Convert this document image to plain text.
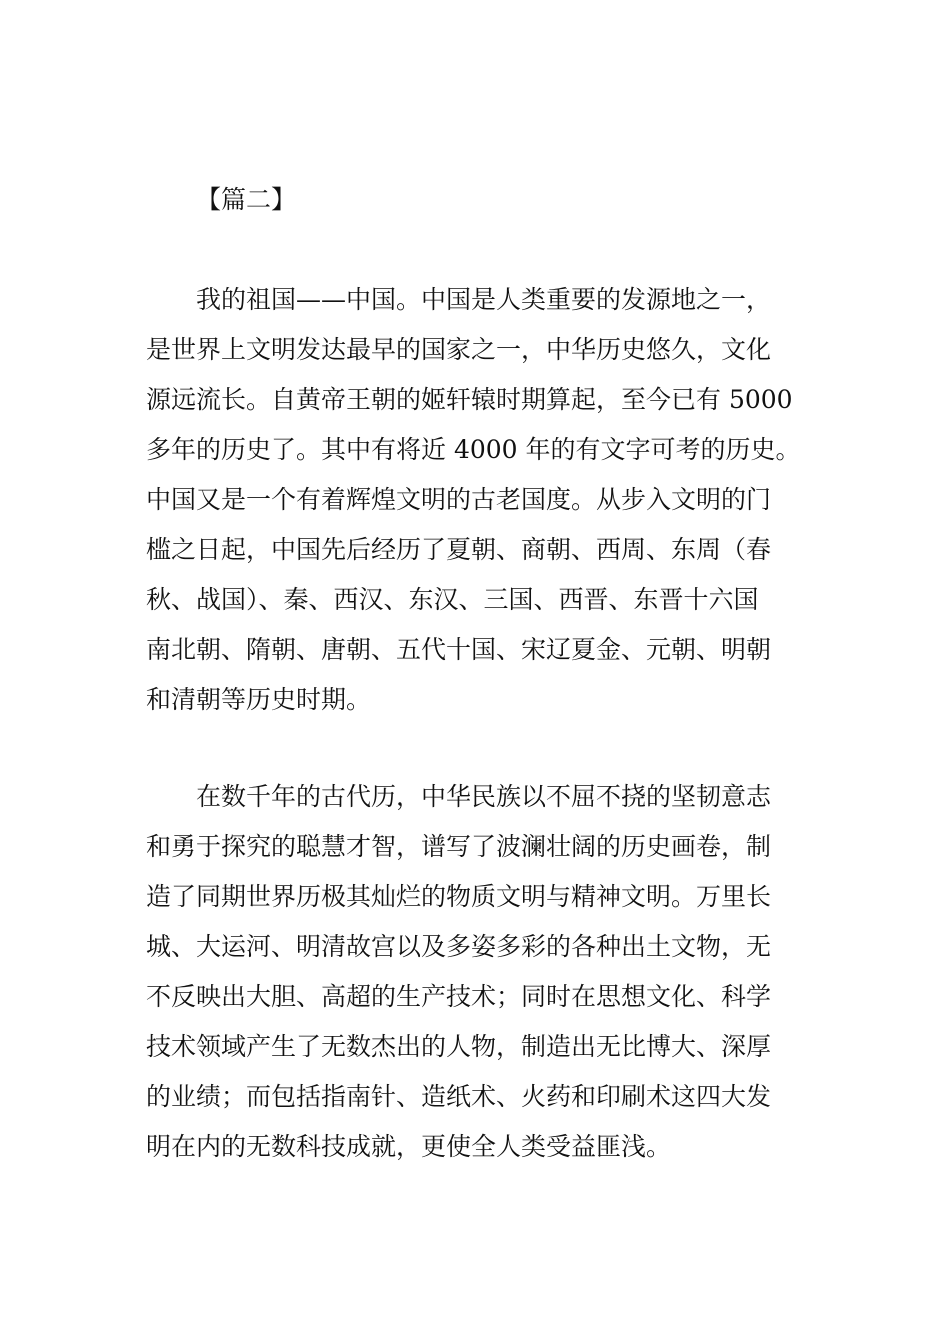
【篇二】
我的祖国——中国。中国是人类重要的发源地之一，
是世界上文明发达最早的国家之一，中华历史悠久，文化
源远流长。自黄帝王朝的姬轩辕时期算起，至今已有 5000
多年的历史了。其中有将近 4000 年的有文字可考的历史。
中国又是一个有着辉煌文明的古老国度。从步入文明的门
槛之日起，中国先后经历了夏朝、商朝、西周、东周（春
秋、战国）、秦、西汉、东汉、三国、西晋、东晋十六国
南北朝、隋朝、唐朝、五代十国、宋辽夏金、元朝、明朝
和清朝等历史时期。
在数千年的古代历，中华民族以不屈不挠的坚韧意志
和勇于探究的聪慧才智，谱写了波澜壮阔的历史画卷，制
造了同期世界历极其灿烂的物质文明与精神文明。万里长
城、大运河、明清故宫以及多姿多彩的各种出土文物，无
不反映出大胆、高超的生产技术；同时在思想文化、科学
技术领域产生了无数杰出的人物，制造出无比博大、深厚
的业绩；而包括指南针、造纸术、火药和印刷术这四大发
明在内的无数科技成就，更使全人类受益匪浅。
